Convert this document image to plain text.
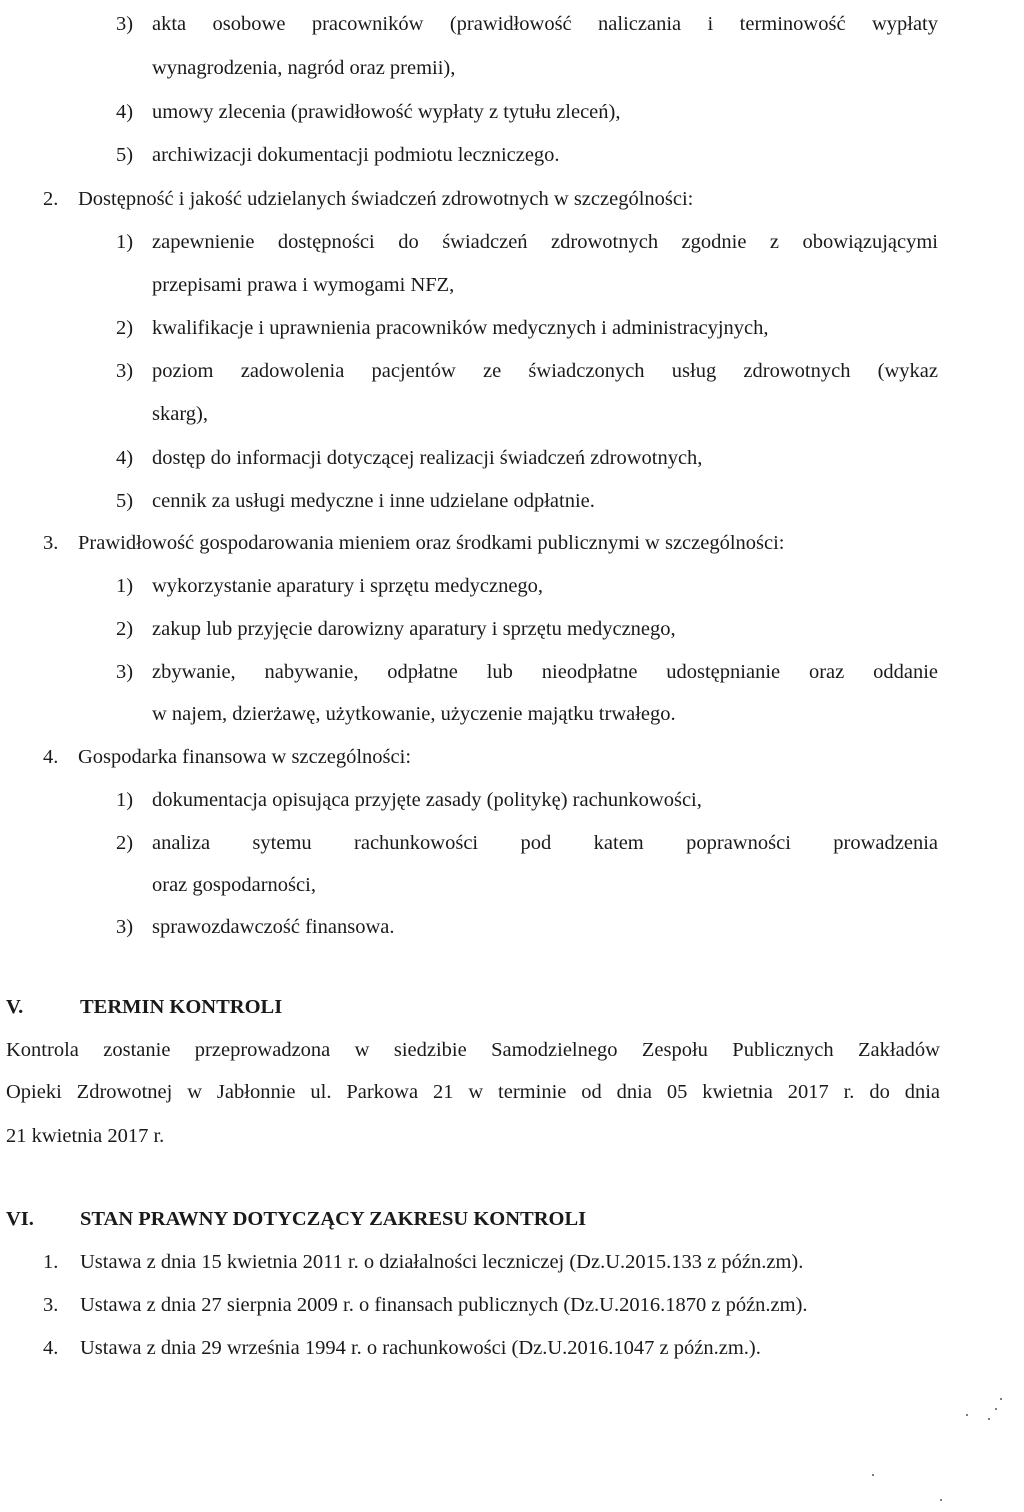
3) akta osobowe pracowników (prawidłowość naliczania i terminowość wypłaty
wynagrodzenia, nagród oraz premii),
4) umowy zlecenia (prawidłowość wypłaty z tytułu zleceń),
5) archiwizacji dokumentacji podmiotu leczniczego.
2. Dostępność i jakość udzielanych świadczeń zdrowotnych w szczególności:
1) zapewnienie dostępności do świadczeń zdrowotnych zgodnie z obowiązującymi
przepisami prawa i wymogami NFZ,
2) kwalifikacje i uprawnienia pracowników medycznych i administracyjnych,
3) poziom zadowolenia pacjentów ze świadczonych usług zdrowotnych (wykaz
skarg),
4) dostęp do informacji dotyczącej realizacji świadczeń zdrowotnych,
5) cennik za usługi medyczne i inne udzielane odpłatnie.
3. Prawidłowość gospodarowania mieniem oraz środkami publicznymi w szczególności:
1) wykorzystanie aparatury i sprzętu medycznego,
2) zakup lub przyjęcie darowizny aparatury i sprzętu medycznego,
3) zbywanie, nabywanie, odpłatne lub nieodpłatne udostępnianie oraz oddanie
w najem, dzierżawę, użytkowanie, użyczenie majątku trwałego.
4. Gospodarka finansowa w szczególności:
1) dokumentacja opisująca przyjęte zasady (politykę) rachunkowości,
2) analiza sytemu rachunkowości pod katem poprawności prowadzenia
oraz gospodarności,
3) sprawozdawczość finansowa.
V.	TERMIN KONTROLI
Kontrola zostanie przeprowadzona w siedzibie Samodzielnego Zespołu Publicznych Zakładów
Opieki Zdrowotnej w Jabłonnie ul. Parkowa 21 w terminie od dnia 05 kwietnia 2017 r. do dnia
21 kwietnia 2017 r.
VI. STAN PRAWNY DOTYCZĄCY ZAKRESU KONTROLI
1. Ustawa z dnia 15 kwietnia 2011 r. o działalności leczniczej (Dz.U.2015.133 z późn.zm).
3. Ustawa z dnia 27 sierpnia 2009 r. o finansach publicznych (Dz.U.2016.1870 z późn.zm).
4. Ustawa z dnia 29 września 1994 r. o rachunkowości (Dz.U.2016.1047 z późn.zm.).
